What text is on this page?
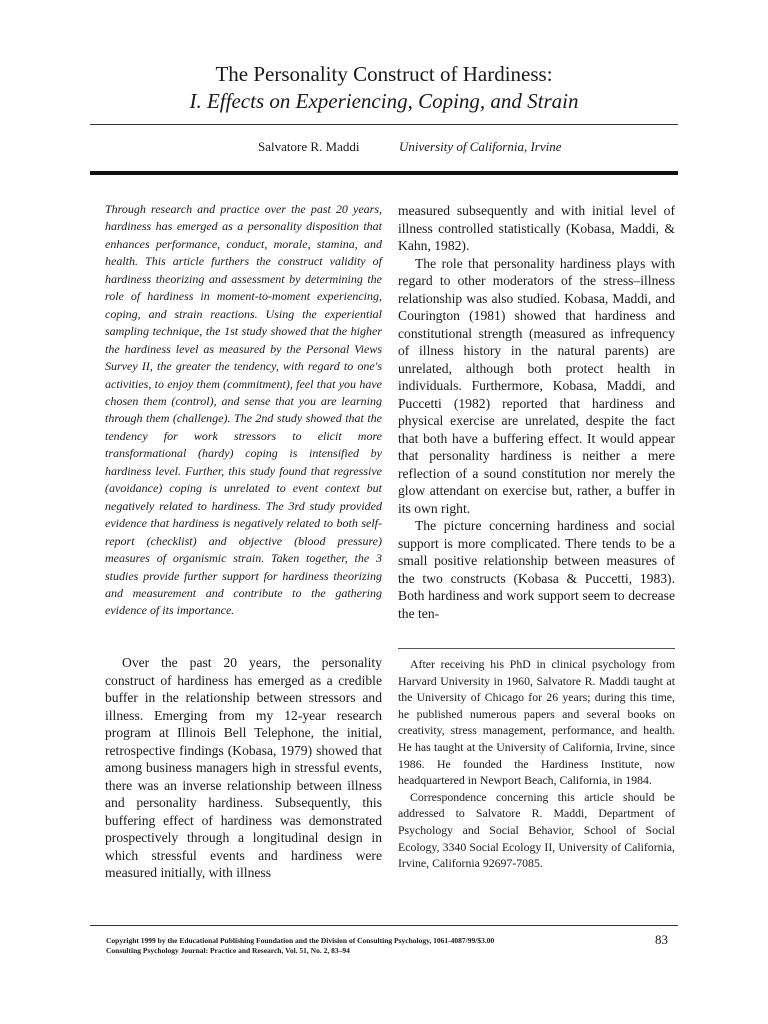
The Personality Construct of Hardiness:
I. Effects on Experiencing, Coping, and Strain
Salvatore R. Maddi	University of California, Irvine
Through research and practice over the past 20 years, hardiness has emerged as a personality disposition that enhances performance, conduct, morale, stamina, and health. This article furthers the construct validity of hardiness theorizing and assessment by determining the role of hardiness in moment-to-moment experiencing, coping, and strain reactions. Using the experiential sampling technique, the 1st study showed that the higher the hardiness level as measured by the Personal Views Survey II, the greater the tendency, with regard to one's activities, to enjoy them (commitment), feel that you have chosen them (control), and sense that you are learning through them (challenge). The 2nd study showed that the tendency for work stressors to elicit more transformational (hardy) coping is intensified by hardiness level. Further, this study found that regressive (avoidance) coping is unrelated to event context but negatively related to hardiness. The 3rd study provided evidence that hardiness is negatively related to both self-report (checklist) and objective (blood pressure) measures of organismic strain. Taken together, the 3 studies provide further support for hardiness theorizing and measurement and contribute to the gathering evidence of its importance.

Over the past 20 years, the personality construct of hardiness has emerged as a credible buffer in the relationship between stressors and illness. Emerging from my 12-year research program at Illinois Bell Telephone, the initial, retrospective findings (Kobasa, 1979) showed that among business managers high in stressful events, there was an inverse relationship between illness and personality hardiness. Subsequently, this buffering effect of hardiness was demonstrated prospectively through a longitudinal design in which stressful events and hardiness were measured initially, with illness

measured subsequently and with initial level of illness controlled statistically (Kobasa, Maddi, & Kahn, 1982).

The role that personality hardiness plays with regard to other moderators of the stress–illness relationship was also studied. Kobasa, Maddi, and Courington (1981) showed that hardiness and constitutional strength (measured as infrequency of illness history in the natural parents) are unrelated, although both protect health in individuals. Furthermore, Kobasa, Maddi, and Puccetti (1982) reported that hardiness and physical exercise are unrelated, despite the fact that both have a buffering effect. It would appear that personality hardiness is neither a mere reflection of a sound constitution nor merely the glow attendant on exercise but, rather, a buffer in its own right.

The picture concerning hardiness and social support is more complicated. There tends to be a small positive relationship between measures of the two constructs (Kobasa & Puccetti, 1983). Both hardiness and work support seem to decrease the ten-

After receiving his PhD in clinical psychology from Harvard University in 1960, Salvatore R. Maddi taught at the University of Chicago for 26 years; during this time, he published numerous papers and several books on creativity, stress management, performance, and health. He has taught at the University of California, Irvine, since 1986. He founded the Hardiness Institute, now headquartered in Newport Beach, California, in 1984.

Correspondence concerning this article should be addressed to Salvatore R. Maddi, Department of Psychology and Social Behavior, School of Social Ecology, 3340 Social Ecology II, University of California, Irvine, California 92697-7085.

Copyright 1999 by the Educational Publishing Foundation and the Division of Consulting Psychology, 1061-4087/99/$3.00
Consulting Psychology Journal: Practice and Research, Vol. 51, No. 2, 83–94
83
